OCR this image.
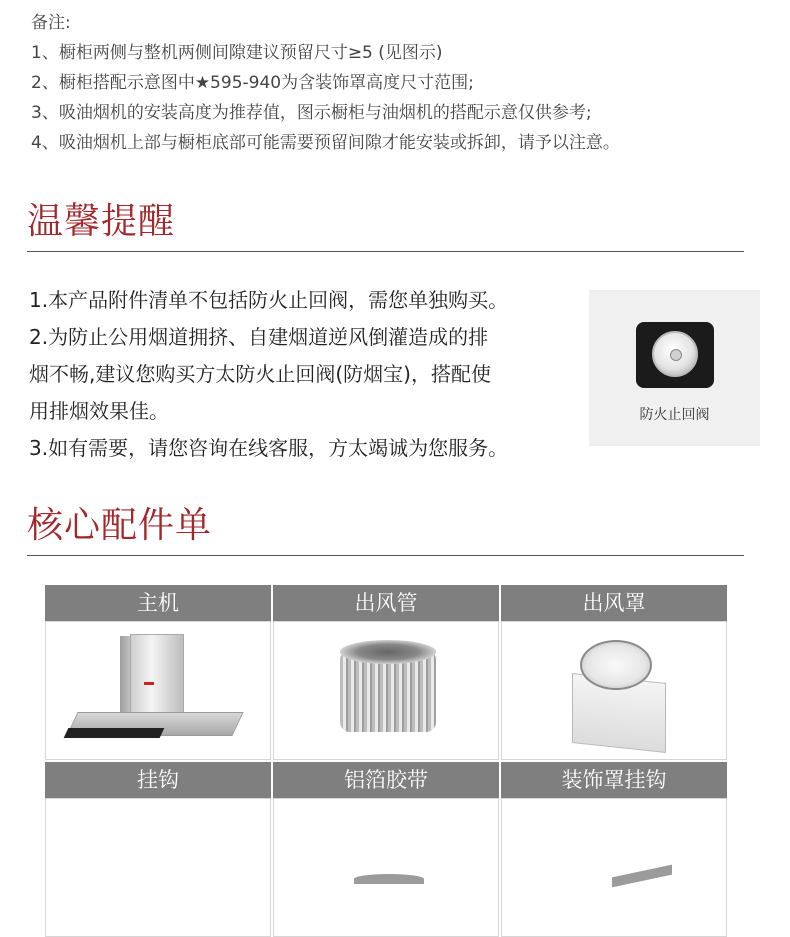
备注:
1、橱柜两侧与整机两侧间隙建议预留尺寸≥5 (见图示)
2、橱柜搭配示意图中★595-940为含装饰罩高度尺寸范围;
3、吸油烟机的安装高度为推荐值，图示橱柜与油烟机的搭配示意仅供参考;
4、吸油烟机上部与橱柜底部可能需要预留间隙才能安装或拆卸，请予以注意。
温馨提醒
1.本产品附件清单不包括防火止回阀，需您单独购买。
2.为防止公用烟道拥挤、自建烟道逆风倒灌造成的排
烟不畅,建议您购买方太防火止回阀(防烟宝)，搭配使
用排烟效果佳。
3.如有需要，请您咨询在线客服，方太竭诚为您服务。
防火止回阀
核心配件单
主机	出风管	出风罩
挂钩	铝箔胶带	装饰罩挂钩
